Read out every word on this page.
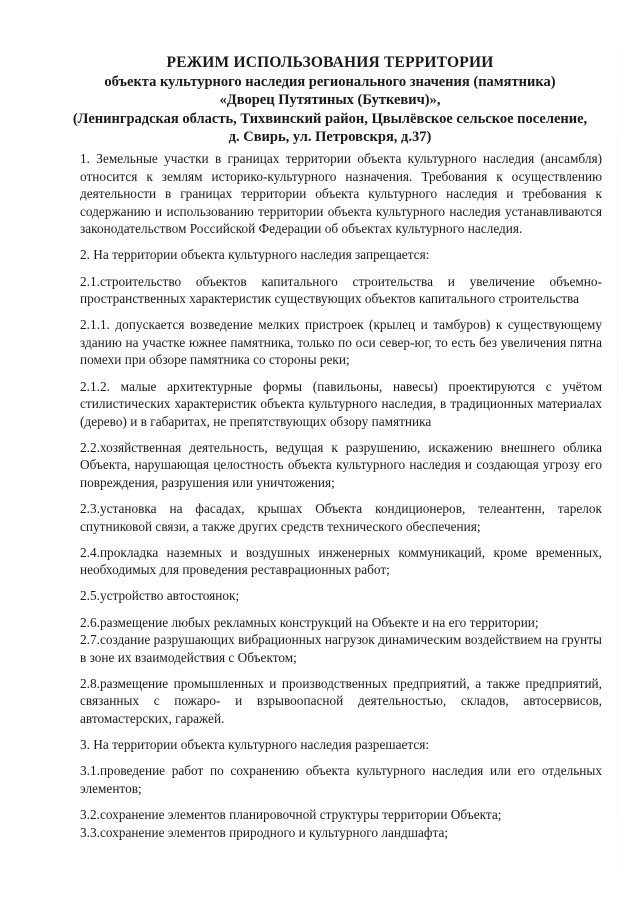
РЕЖИМ ИСПОЛЬЗОВАНИЯ ТЕРРИТОРИИ
объекта культурного наследия регионального значения (памятника)
«Дворец Путятиных (Буткевич)»,
(Ленинградская область, Тихвинский район, Цвылёвское сельское поселение,
д. Свирь, ул. Петровскря, д.37)

1. Земельные участки в границах территории объекта культурного наследия (ансамбля) относится к землям историко-культурного назначения. Требования к осуществлению деятельности в границах территории объекта культурного наследия и требования к содержанию и использованию территории объекта культурного наследия устанавливаются законодательством Российской Федерации об объектах культурного наследия.

2. На территории объекта культурного наследия запрещается:

2.1.строительство объектов капитального строительства и увеличение объемно-пространственных характеристик существующих объектов капитального строительства

2.1.1. допускается возведение мелких пристроек (крылец и тамбуров) к существующему зданию на участке южнее памятника, только по оси север-юг, то есть без увеличения пятна помехи при обзоре памятника со стороны реки;

2.1.2. малые архитектурные формы (павильоны, навесы) проектируются с учётом стилистических характеристик объекта культурного наследия, в традиционных материалах (дерево) и в габаритах, не препятствующих обзору памятника

2.2.хозяйственная деятельность, ведущая к разрушению, искажению внешнего облика Объекта, нарушающая целостность объекта культурного наследия и создающая угрозу его повреждения, разрушения или уничтожения;

2.3.установка на фасадах, крышах Объекта кондиционеров, телеантенн, тарелок спутниковой связи, а также других средств технического обеспечения;

2.4.прокладка наземных и воздушных инженерных коммуникаций, кроме временных, необходимых для проведения реставрационных работ;

2.5.устройство автостоянок;

2.6.размещение любых рекламных конструкций на Объекте и на его территории;

2.7.создание разрушающих вибрационных нагрузок динамическим воздействием на грунты в зоне их взаимодействия с Объектом;

2.8.размещение промышленных и производственных предприятий, а также предприятий, связанных с пожаро- и взрывоопасной деятельностью, складов, автосервисов, автомастерских, гаражей.

3. На территории объекта культурного наследия разрешается:

3.1.проведение работ по сохранению объекта культурного наследия или его отдельных элементов;

3.2.сохранение элементов планировочной структуры территории Объекта;

3.3.сохранение элементов природного и культурного ландшафта;
